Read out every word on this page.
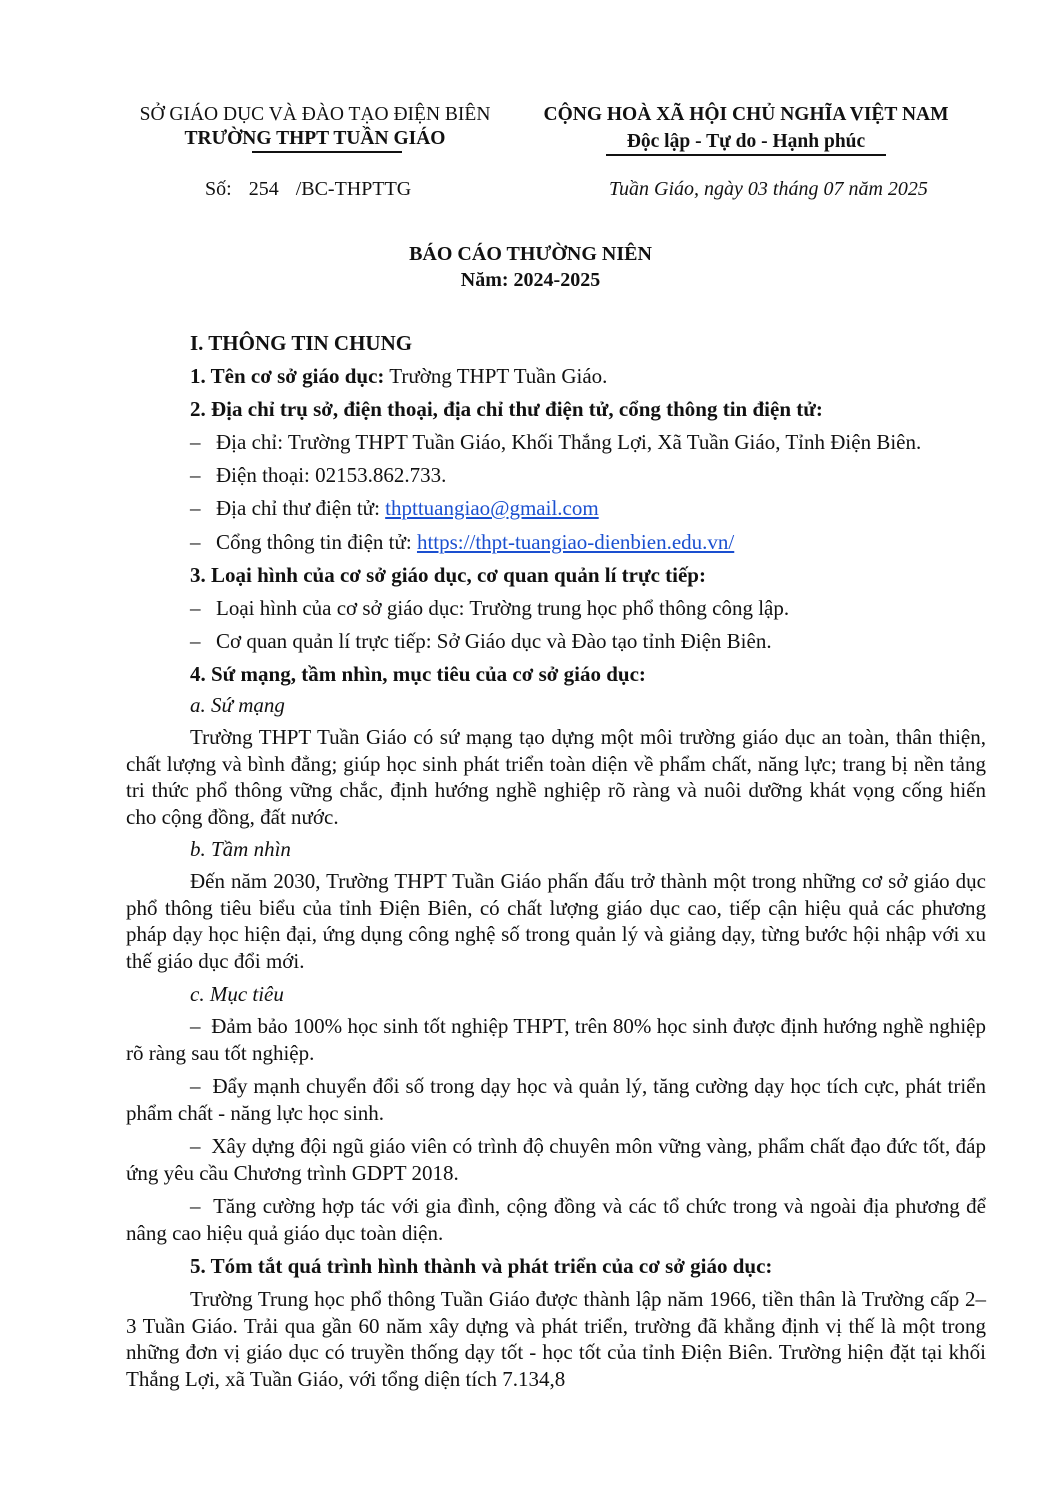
SỞ GIÁO DỤC VÀ ĐÀO TẠO ĐIỆN BIÊN
TRƯỜNG THPT TUẦN GIÁO
CỘNG HOÀ XÃ HỘI CHỦ NGHĨA VIỆT NAM
Độc lập - Tự do - Hạnh phúc
Số: 254 /BC-THPTTG	Tuần Giáo, ngày 03 tháng 07 năm 2025
BÁO CÁO THƯỜNG NIÊN
Năm: 2024-2025
I. THÔNG TIN CHUNG
1. Tên cơ sở giáo dục: Trường THPT Tuần Giáo.
2. Địa chỉ trụ sở, điện thoại, địa chỉ thư điện tử, cổng thông tin điện tử:
– Địa chỉ: Trường THPT Tuần Giáo, Khối Thắng Lợi, Xã Tuần Giáo, Tỉnh Điện Biên.
– Điện thoại: 02153.862.733.
– Địa chỉ thư điện tử: thpttuangiao@gmail.com
– Cổng thông tin điện tử: https://thpt-tuangiao-dienbien.edu.vn/
3. Loại hình của cơ sở giáo dục, cơ quan quản lí trực tiếp:
– Loại hình của cơ sở giáo dục: Trường trung học phổ thông công lập.
– Cơ quan quản lí trực tiếp: Sở Giáo dục và Đào tạo tỉnh Điện Biên.
4. Sứ mạng, tầm nhìn, mục tiêu của cơ sở giáo dục:
a. Sứ mạng
Trường THPT Tuần Giáo có sứ mạng tạo dựng một môi trường giáo dục an toàn, thân thiện, chất lượng và bình đẳng; giúp học sinh phát triển toàn diện về phẩm chất, năng lực; trang bị nền tảng tri thức phổ thông vững chắc, định hướng nghề nghiệp rõ ràng và nuôi dưỡng khát vọng cống hiến cho cộng đồng, đất nước.
b. Tầm nhìn
Đến năm 2030, Trường THPT Tuần Giáo phấn đấu trở thành một trong những cơ sở giáo dục phổ thông tiêu biểu của tỉnh Điện Biên, có chất lượng giáo dục cao, tiếp cận hiệu quả các phương pháp dạy học hiện đại, ứng dụng công nghệ số trong quản lý và giảng dạy, từng bước hội nhập với xu thế giáo dục đổi mới.
c. Mục tiêu
– Đảm bảo 100% học sinh tốt nghiệp THPT, trên 80% học sinh được định hướng nghề nghiệp rõ ràng sau tốt nghiệp.
– Đẩy mạnh chuyển đổi số trong dạy học và quản lý, tăng cường dạy học tích cực, phát triển phẩm chất - năng lực học sinh.
– Xây dựng đội ngũ giáo viên có trình độ chuyên môn vững vàng, phẩm chất đạo đức tốt, đáp ứng yêu cầu Chương trình GDPT 2018.
– Tăng cường hợp tác với gia đình, cộng đồng và các tổ chức trong và ngoài địa phương để nâng cao hiệu quả giáo dục toàn diện.
5. Tóm tắt quá trình hình thành và phát triển của cơ sở giáo dục:
Trường Trung học phổ thông Tuần Giáo được thành lập năm 1966, tiền thân là Trường cấp 2–3 Tuần Giáo. Trải qua gần 60 năm xây dựng và phát triển, trường đã khẳng định vị thế là một trong những đơn vị giáo dục có truyền thống dạy tốt - học tốt của tỉnh Điện Biên. Trường hiện đặt tại khối Thắng Lợi, xã Tuần Giáo, với tổng diện tích 7.134,8
